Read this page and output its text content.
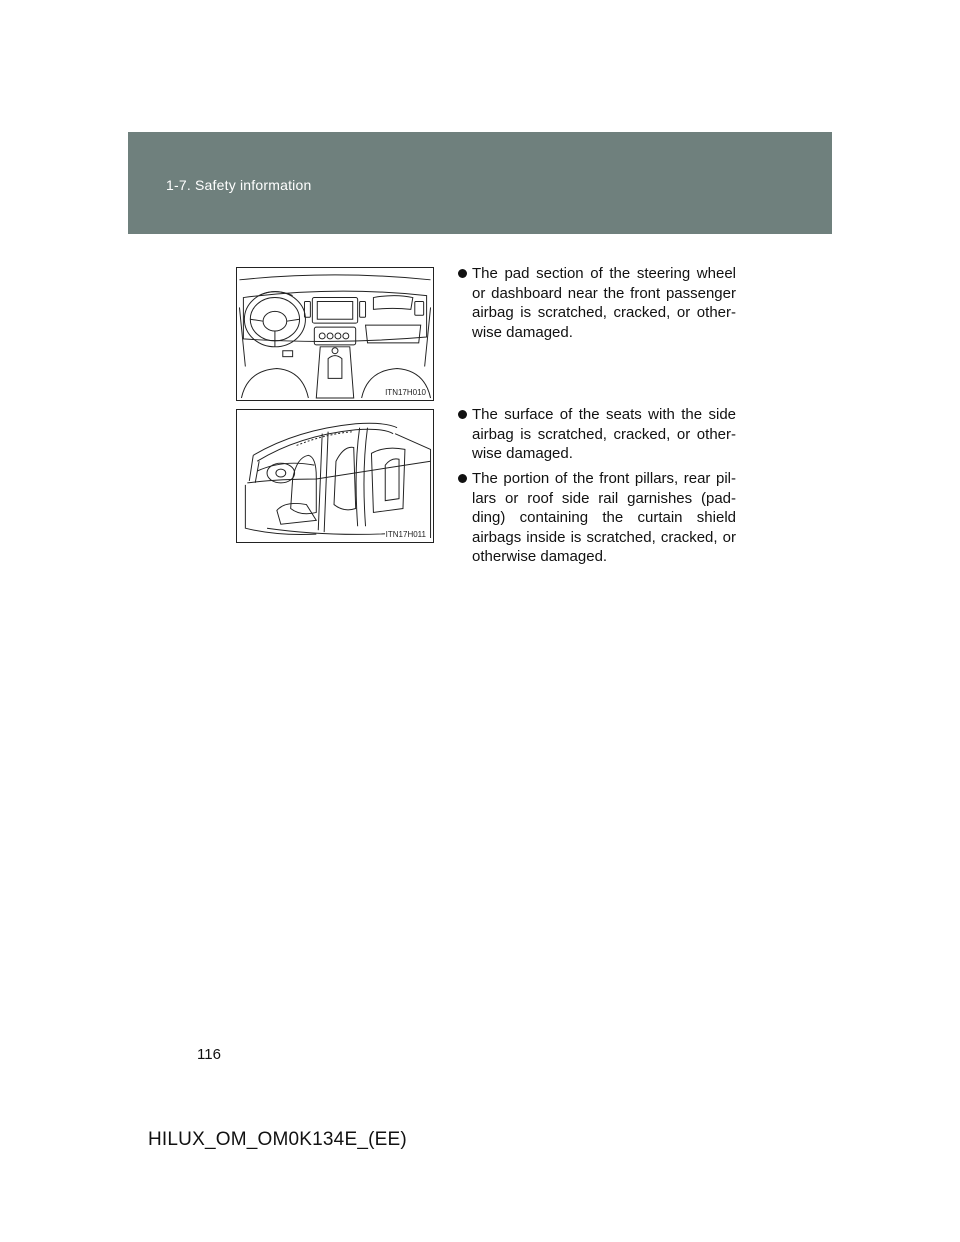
1-7. Safety information
ITN17H010
ITN17H011
The pad section of the steering wheel or dashboard near the front passenger airbag is scratched, cracked, or other-wise damaged.
The surface of the seats with the side airbag is scratched, cracked, or other-wise damaged.
The portion of the front pillars, rear pil-lars or roof side rail garnishes (pad-ding) containing the curtain shield airbags inside is scratched, cracked, or otherwise damaged.
116
HILUX_OM_OM0K134E_(EE)
